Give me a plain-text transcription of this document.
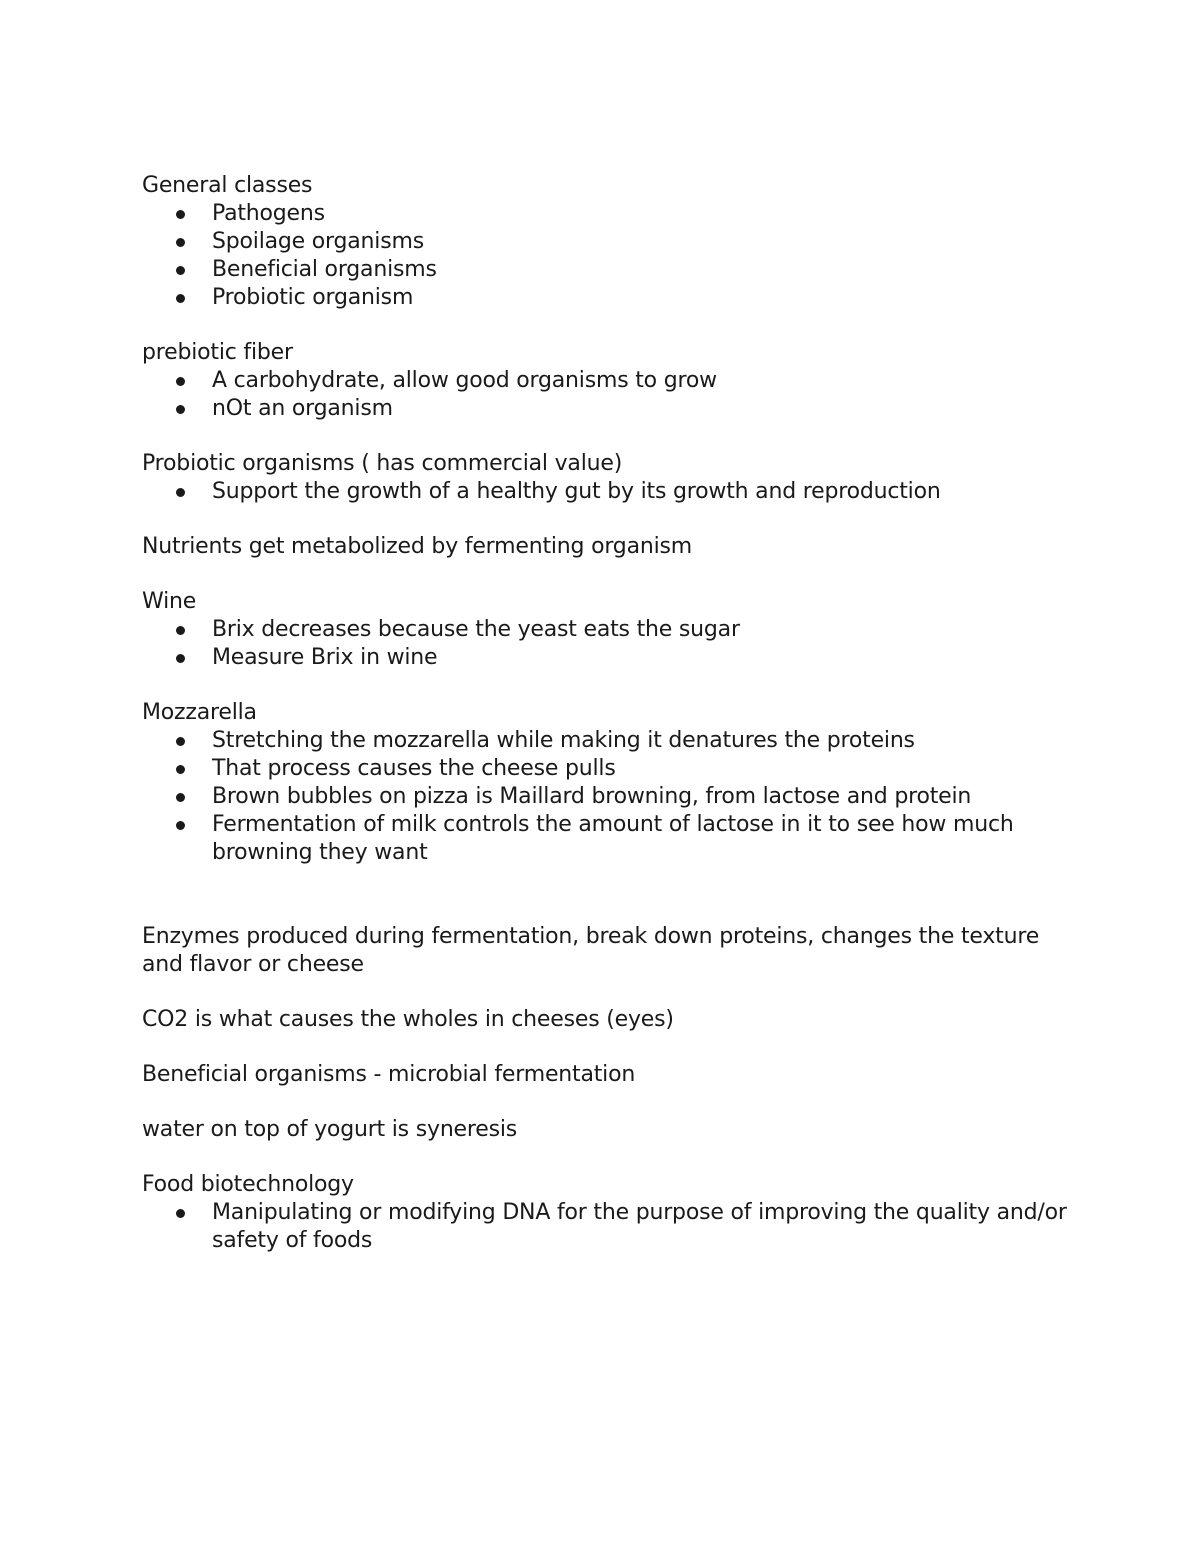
General classes
Pathogens
Spoilage organisms
Beneficial organisms
Probiotic organism
prebiotic fiber
A carbohydrate, allow good organisms to grow
nOt an organism
Probiotic organisms ( has commercial value)
Support the growth of a healthy gut by its growth and reproduction
Nutrients get metabolized by fermenting organism
Wine
Brix decreases because the yeast eats the sugar
Measure Brix in wine
Mozzarella
Stretching the mozzarella while making it denatures the proteins
That process causes the cheese pulls
Brown bubbles on pizza is Maillard browning, from lactose and protein
Fermentation of milk controls the amount of lactose in it to see how much browning they want
Enzymes produced during fermentation, break down proteins, changes the texture and flavor or cheese
CO2 is what causes the wholes in cheeses (eyes)
Beneficial organisms - microbial fermentation
water on top of yogurt is syneresis
Food biotechnology
Manipulating or modifying DNA for the purpose of improving the quality and/or safety of foods
